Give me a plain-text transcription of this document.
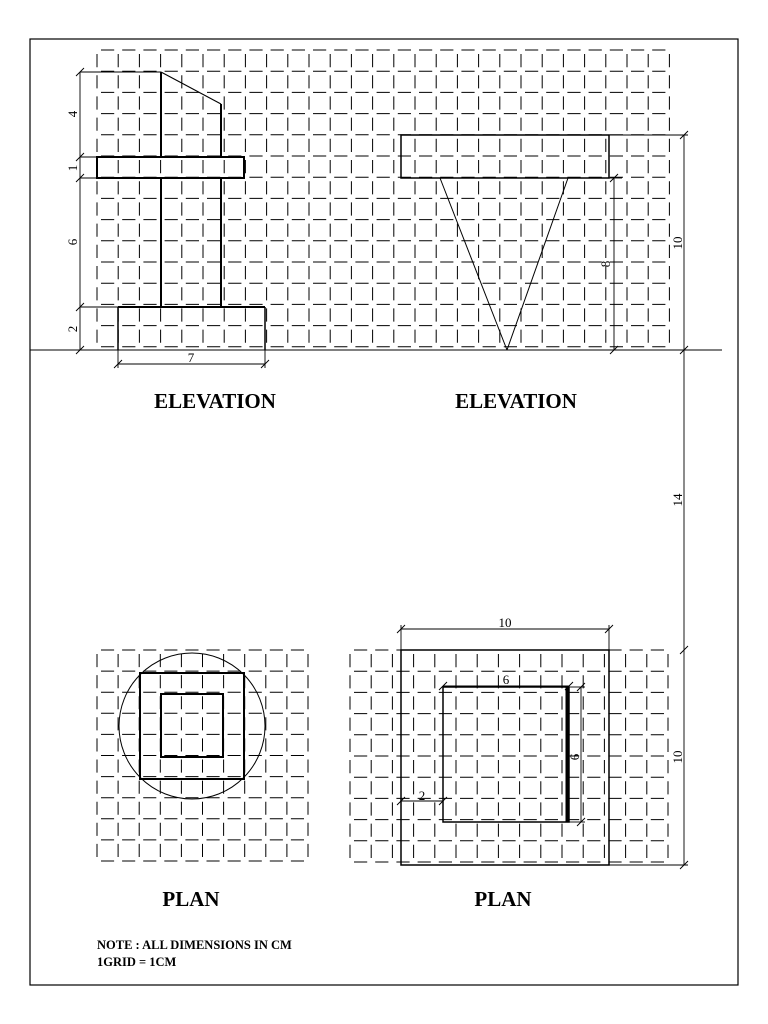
4
1
6
2
7
8
10
14
10
6
6
2
10
ELEVATION	ELEVATION
PLAN	PLAN
NOTE : ALL DIMENSIONS IN CM
1GRID = 1CM
